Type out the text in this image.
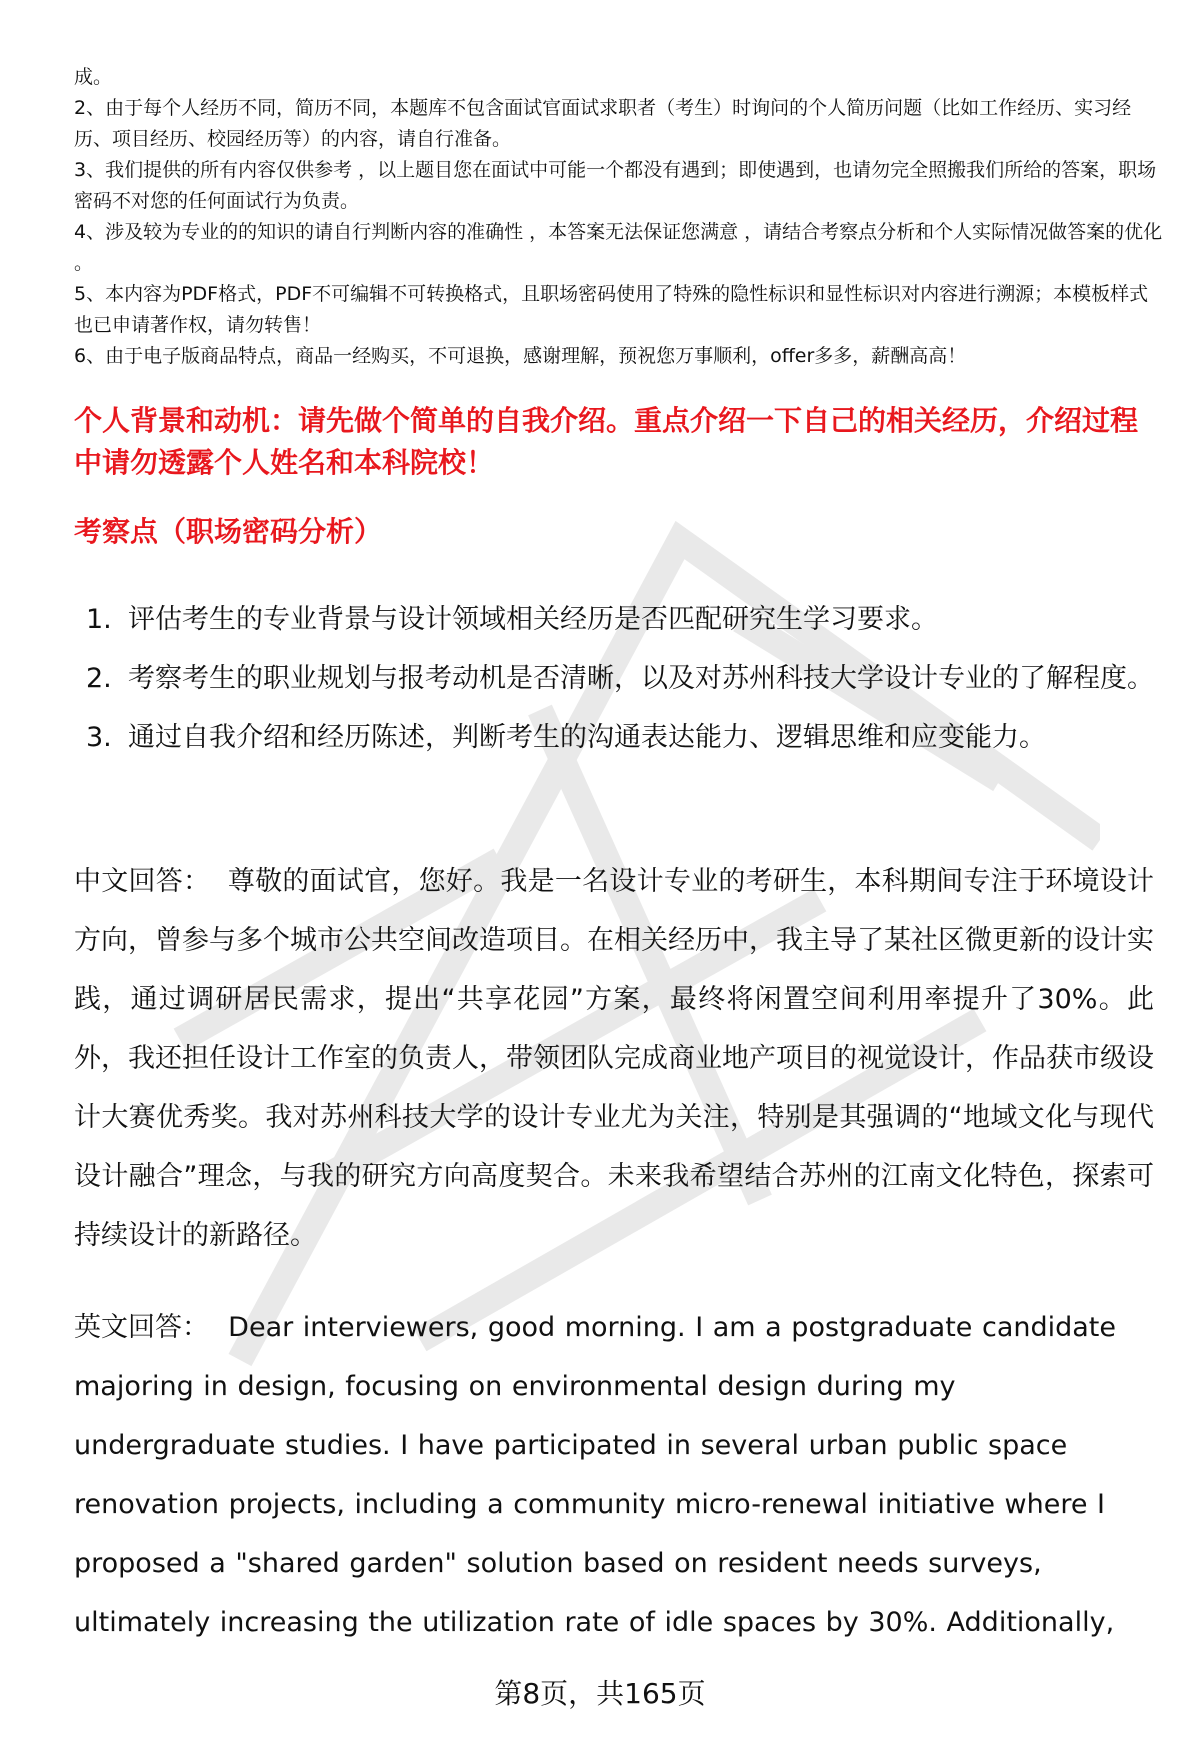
成。

2、由于每个人经历不同，简历不同，本题库不包含面试官面试求职者（考生）时询问的个人简历问题（比如工作经历、实习经历、项目经历、校园经历等）的内容，请自行准备。

3、我们提供的所有内容仅供参考 ，以上题目您在面试中可能一个都没有遇到；即使遇到，也请勿完全照搬我们所给的答案，职场密码不对您的任何面试行为负责。

4、涉及较为专业的的知识的请自行判断内容的准确性 ，本答案无法保证您满意 ，请结合考察点分析和个人实际情况做答案的优化 。

5、本内容为PDF格式，PDF不可编辑不可转换格式，且职场密码使用了特殊的隐性标识和显性标识对内容进行溯源；本模板样式也已申请著作权，请勿转售！

6、由于电子版商品特点，商品一经购买，不可退换，感谢理解，预祝您万事顺利，offer多多，薪酬高高！

个人背景和动机：请先做个简单的自我介绍。重点介绍一下自己的相关经历，介绍过程中请勿透露个人姓名和本科院校！
考察点（职场密码分析）
1. 评估考生的专业背景与设计领域相关经历是否匹配研究生学习要求。
2. 考察考生的职业规划与报考动机是否清晰，以及对苏州科技大学设计专业的了解程度。
3. 通过自我介绍和经历陈述，判断考生的沟通表达能力、逻辑思维和应变能力。

中文回答： 尊敬的面试官，您好。我是一名设计专业的考研生，本科期间专注于环境设计方向，曾参与多个城市公共空间改造项目。在相关经历中，我主导了某社区微更新的设计实践，通过调研居民需求，提出“共享花园”方案，最终将闲置空间利用率提升了30%。此外，我还担任设计工作室的负责人，带领团队完成商业地产项目的视觉设计，作品获市级设计大赛优秀奖。我对苏州科技大学的设计专业尤为关注，特别是其强调的“地域文化与现代设计融合”理念，与我的研究方向高度契合。未来我希望结合苏州的江南文化特色，探索可持续设计的新路径。

英文回答： Dear interviewers, good morning. I am a postgraduate candidate majoring in design, focusing on environmental design during my undergraduate studies. I have participated in several urban public space renovation projects, including a community micro-renewal initiative where I proposed a "shared garden" solution based on resident needs surveys, ultimately increasing the utilization rate of idle spaces by 30%. Additionally,

第8页，共165页
